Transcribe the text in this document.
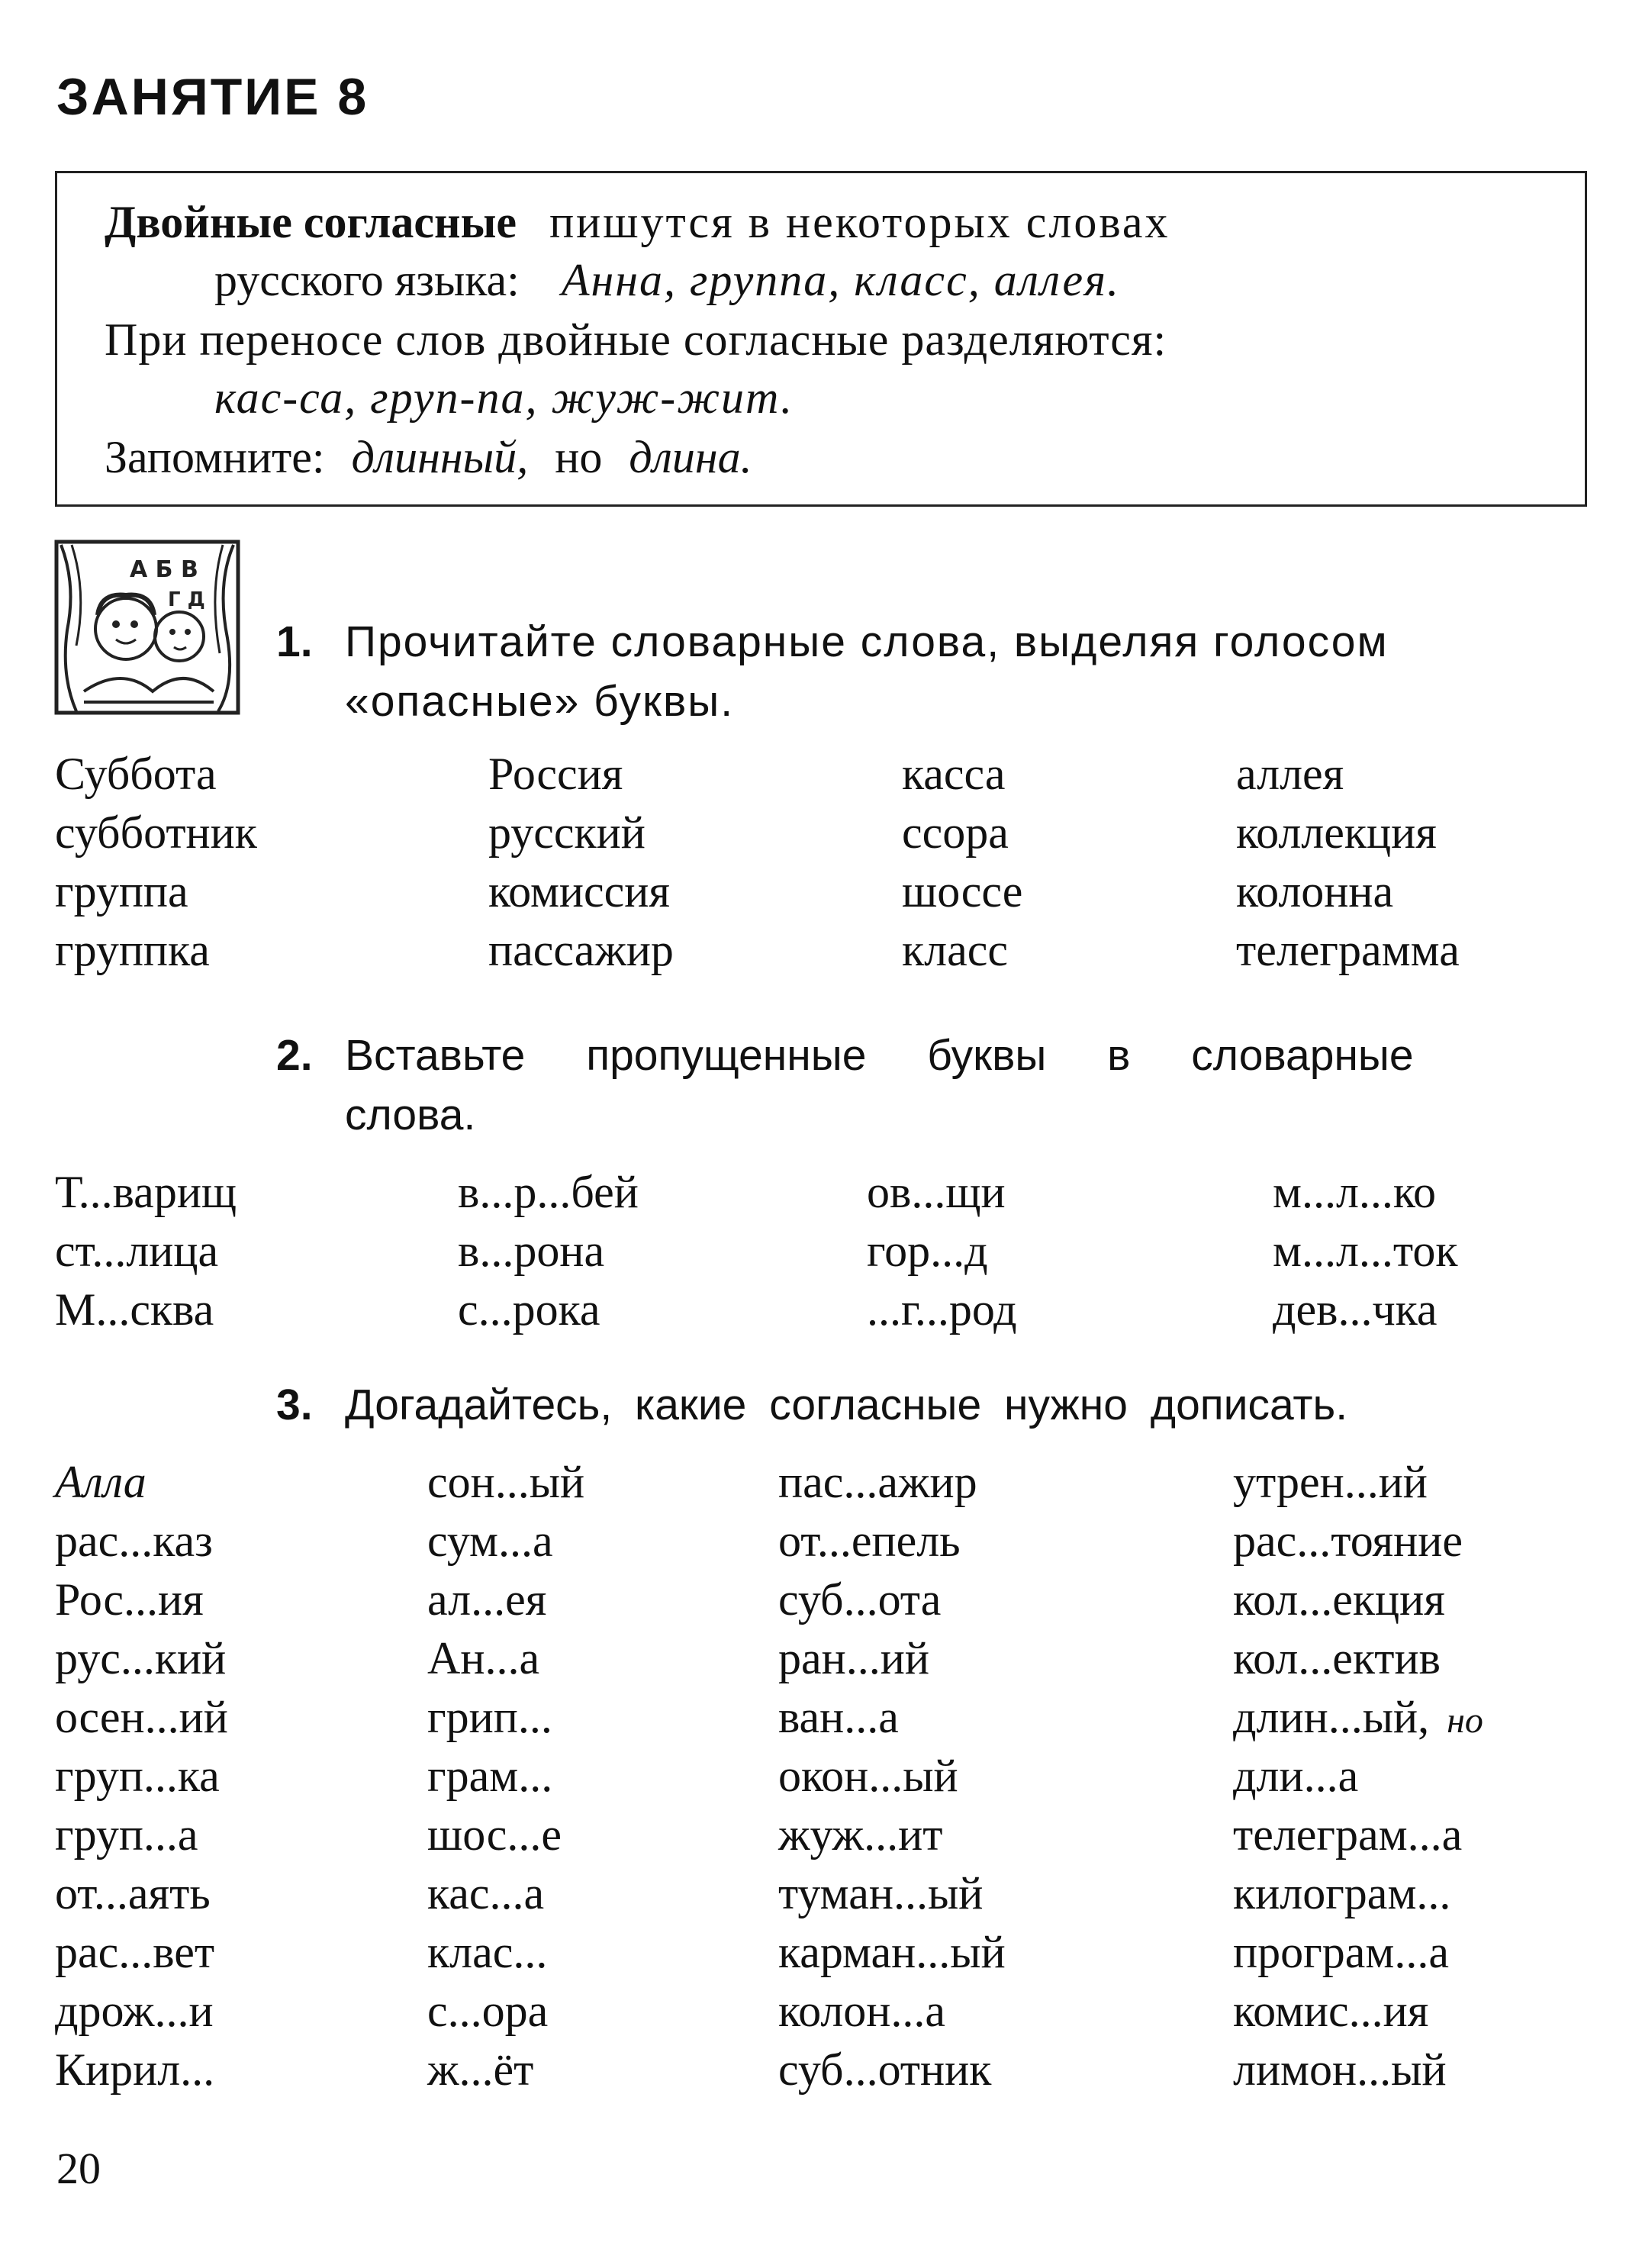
ЗАНЯТИЕ 8
Двойные согласные пишутся в некоторых словах
русского языка: Анна, группа, класс, аллея.
При переносе слов двойные согласные разделяются:
кас-са, груп-па, жуж-жит.
Запомните: длинный, но длина.
А Б В
Г Д
1. Прочитайте словарные слова, выделяя голосом
«опасные» буквы.
Суббота
субботник
группа
группка
Россия
русский
комиссия
пассажир
касса
ссора
шоссе
класс
аллея
коллекция
колонна
телеграмма
2. Вставьте пропущенные буквы в словарные
слова.
Т...варищ
ст...лица
М...сква
в...р...бей
в...рона
с...рока
ов...щи
гор...д
...г...род
м...л...ко
м...л...ток
дев...чка
3. Догадайтесь, какие согласные нужно дописать.
Алла
рас...каз
Рос...ия
рус...кий
осен...ий
груп...ка
груп...а
от...аять
рас...вет
дрож...и
Кирил...
сон...ый
сум...а
ал...ея
Ан...а
грип...
грам...
шос...е
кас...а
клас...
с...ора
ж...ёт
пас...ажир
от...епель
суб...ота
ран...ий
ван...а
окон...ый
жуж...ит
туман...ый
карман...ый
колон...а
суб...отник
утрен...ий
рас...тояние
кол...екция
кол...ектив
длин...ый, но
дли...а
телеграм...а
килограм...
програм...а
комис...ия
лимон...ый
20
